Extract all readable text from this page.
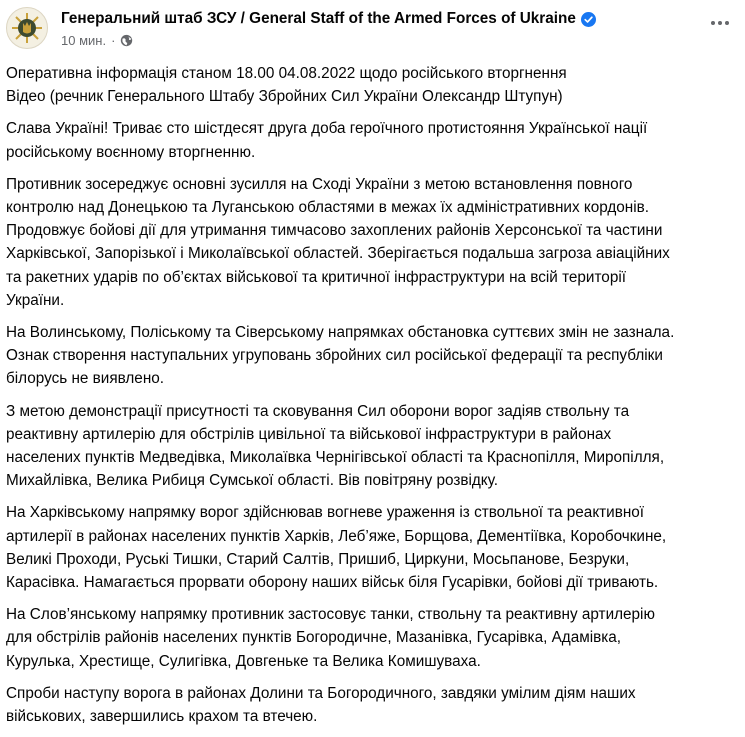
Генеральний штаб ЗСУ / General Staff of the Armed Forces of Ukraine
10 мин. ·

Оперативна інформація станом 18.00 04.08.2022 щодо російського вторгнення
Відео (речник Генерального Штабу Збройних Сил України Олександр Штупун)

Слава Україні! Триває сто шістдесят друга доба героїчного протистояння Української нації
російському воєнному вторгненню.

Противник зосереджує основні зусилля на Сході України з метою встановлення повного
контролю над Донецькою та Луганською областями в межах їх адміністративних кордонів.
Продовжує бойові дії для утримання тимчасово захоплених районів Херсонської та частини
Харківської, Запорізької і Миколаївської областей. Зберігається подальша загроза авіаційних
та ракетних ударів по об’єктах військової та критичної інфраструктури на всій території
України.

На Волинському, Поліському та Сіверському напрямках обстановка суттєвих змін не зазнала.
Ознак створення наступальних угруповань збройних сил російської федерації та республіки
білорусь не виявлено.

З метою демонстрації присутності та сковування Сил оборони ворог задіяв ствольну та
реактивну артилерію для обстрілів цивільної та військової інфраструктури в районах
населених пунктів Медведівка, Миколаївка Чернігівської області та Краснопілля, Миропілля,
Михайлівка, Велика Рибиця Сумської області. Вів повітряну розвідку.

На Харківському напрямку ворог здійснював вогневе ураження із ствольної та реактивної
артилерії в районах населених пунктів Харків, Леб’яже, Борщова, Дементіївка, Коробочкине,
Великі Проходи, Руські Тишки, Старий Салтів, Пришиб, Циркуни, Мосьпанове, Безруки,
Карасівка. Намагається прорвати оборону наших військ біля Гусарівки, бойові дії тривають.

На Слов’янському напрямку противник застосовує танки, ствольну та реактивну артилерію
для обстрілів районів населених пунктів Богородичне, Мазанівка, Гусарівка, Адамівка,
Курулька, Хрестище, Сулигівка, Довгеньке та Велика Комишуваха.

Спроби наступу ворога в районах Долини та Богородичного, завдяки умілим діям наших
військових, завершились крахом та втечею.
